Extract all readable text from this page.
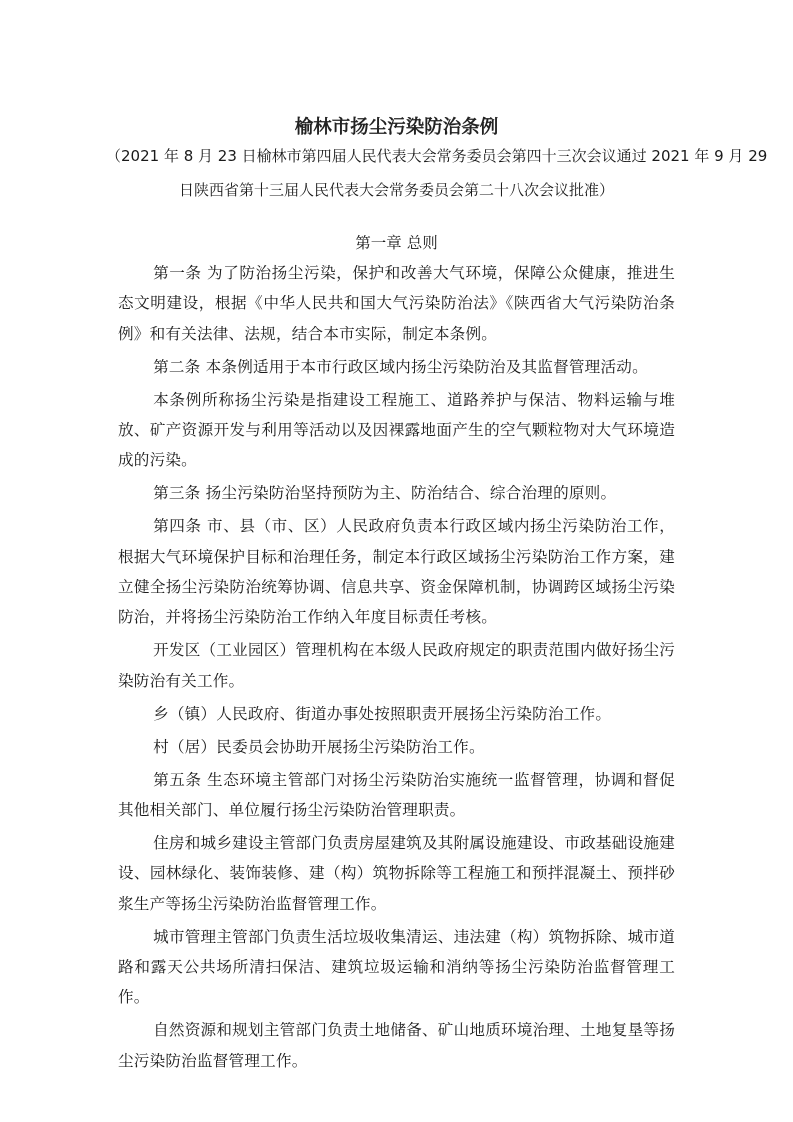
榆林市扬尘污染防治条例
（2021 年 8 月 23 日榆林市第四届人民代表大会常务委员会第四十三次会议通过 2021 年 9 月 29
日陕西省第十三届人民代表大会常务委员会第二十八次会议批准）
第一章 总则

第一条 为了防治扬尘污染，保护和改善大气环境，保障公众健康，推进生态文明建设，根据《中华人民共和国大气污染防治法》《陕西省大气污染防治条例》和有关法律、法规，结合本市实际，制定本条例。

第二条 本条例适用于本市行政区域内扬尘污染防治及其监督管理活动。

本条例所称扬尘污染是指建设工程施工、道路养护与保洁、物料运输与堆放、矿产资源开发与利用等活动以及因裸露地面产生的空气颗粒物对大气环境造成的污染。

第三条 扬尘污染防治坚持预防为主、防治结合、综合治理的原则。

第四条 市、县（市、区）人民政府负责本行政区域内扬尘污染防治工作，根据大气环境保护目标和治理任务，制定本行政区域扬尘污染防治工作方案，建立健全扬尘污染防治统筹协调、信息共享、资金保障机制，协调跨区域扬尘污染防治，并将扬尘污染防治工作纳入年度目标责任考核。

开发区（工业园区）管理机构在本级人民政府规定的职责范围内做好扬尘污染防治有关工作。

乡（镇）人民政府、街道办事处按照职责开展扬尘污染防治工作。

村（居）民委员会协助开展扬尘污染防治工作。

第五条 生态环境主管部门对扬尘污染防治实施统一监督管理，协调和督促其他相关部门、单位履行扬尘污染防治管理职责。

住房和城乡建设主管部门负责房屋建筑及其附属设施建设、市政基础设施建设、园林绿化、装饰装修、建（构）筑物拆除等工程施工和预拌混凝土、预拌砂浆生产等扬尘污染防治监督管理工作。

城市管理主管部门负责生活垃圾收集清运、违法建（构）筑物拆除、城市道路和露天公共场所清扫保洁、建筑垃圾运输和消纳等扬尘污染防治监督管理工作。

自然资源和规划主管部门负责土地储备、矿山地质环境治理、土地复垦等扬尘污染防治监督管理工作。
